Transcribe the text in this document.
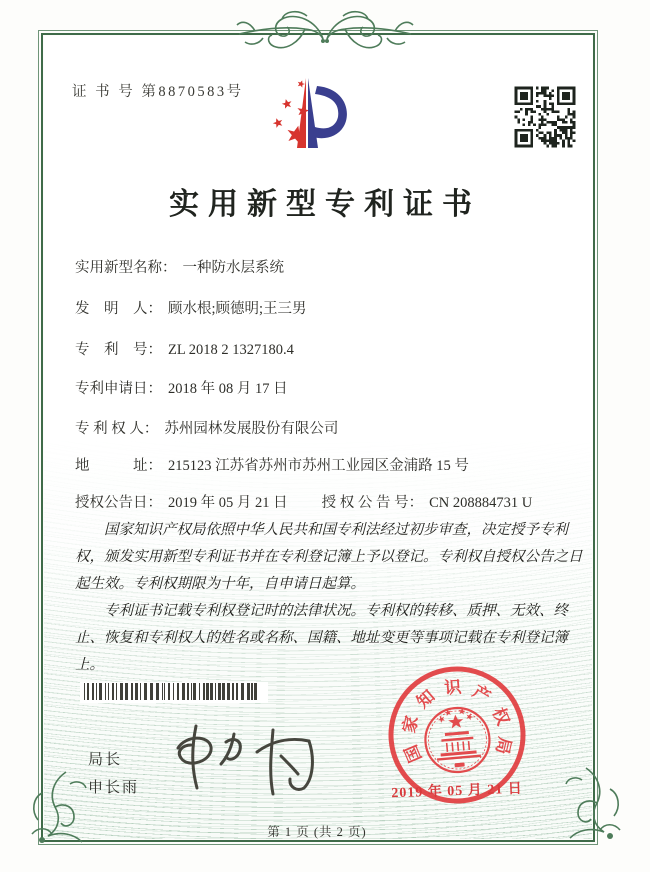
证 书 号 第8870583号
实用新型专利证书
实用新型名称： 一种防水层系统
发　明　人： 顾水根;顾德明;王三男
专　利　号： ZL 2018 2 1327180.4
专利申请日： 2018 年 08 月 17 日
专 利 权 人： 苏州园林发展股份有限公司
地　　　址： 215123 江苏省苏州市苏州工业园区金浦路 15 号
授权公告日： 2019 年 05 月 21 日 授 权 公 告 号： CN 208884731 U

国家知识产权局依照中华人民共和国专利法经过初步审查，决定授予专利权，颁发实用新型专利证书并在专利登记簿上予以登记。专利权自授权公告之日起生效。专利权期限为十年，自申请日起算。

专利证书记载专利权登记时的法律状况。专利权的转移、质押、无效、终止、恢复和专利权人的姓名或名称、国籍、地址变更等事项记载在专利登记簿上。

局长
申长雨
国
家
知 识 产
权
局
2019 年 05 月 21 日
第 1 页 (共 2 页)
